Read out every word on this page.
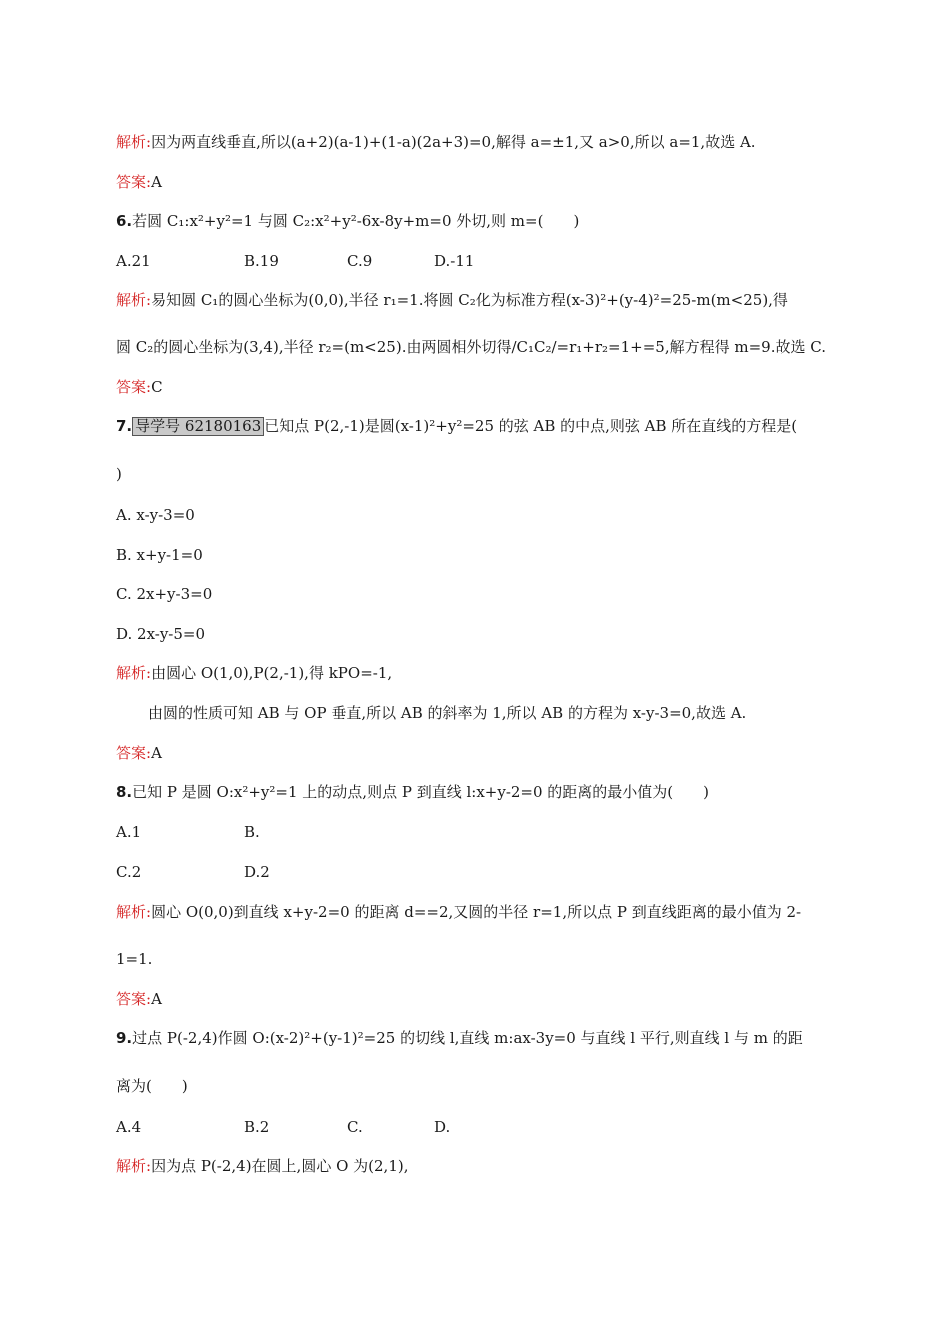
解析:因为两直线垂直,所以(a+2)(a-1)+(1-a)(2a+3)=0,解得 a=±1,又 a>0,所以 a=1,故选 A.
答案:A
6.若圆 C₁:x²+y²=1 与圆 C₂:x²+y²-6x-8y+m=0 外切,则 m=(　　)
A.21	B.19	C.9	D.-11
解析:易知圆 C₁的圆心坐标为(0,0),半径 r₁=1.将圆 C₂化为标准方程(x-3)²+(y-4)²=25-m(m<25),得
圆 C₂的圆心坐标为(3,4),半径 r₂=(m<25).由两圆相外切得/C₁C₂/=r₁+r₂=1+=5,解方程得 m=9.故选 C.
答案:C
7. 导学号 62180163 已知点 P(2,-1)是圆(x-1)²+y²=25 的弦 AB 的中点,则弦 AB 所在直线的方程是(
)
A. x-y-3=0
B. x+y-1=0
C. 2x+y-3=0
D. 2x-y-5=0
解析:由圆心 O(1,0),P(2,-1),得 kPO=-1,
由圆的性质可知 AB 与 OP 垂直,所以 AB 的斜率为 1,所以 AB 的方程为 x-y-3=0,故选 A.
答案:A
8.已知 P 是圆 O:x²+y²=1 上的动点,则点 P 到直线 l:x+y-2=0 的距离的最小值为(　　)
A.1	B.
C.2	D.2
解析:圆心 O(0,0)到直线 x+y-2=0 的距离 d==2,又圆的半径 r=1,所以点 P 到直线距离的最小值为 2-
1=1.
答案:A
9.过点 P(-2,4)作圆 O:(x-2)²+(y-1)²=25 的切线 l,直线 m:ax-3y=0 与直线 l 平行,则直线 l 与 m 的距
离为(　　)
A.4	B.2	C.	D.
解析:因为点 P(-2,4)在圆上,圆心 O 为(2,1),
